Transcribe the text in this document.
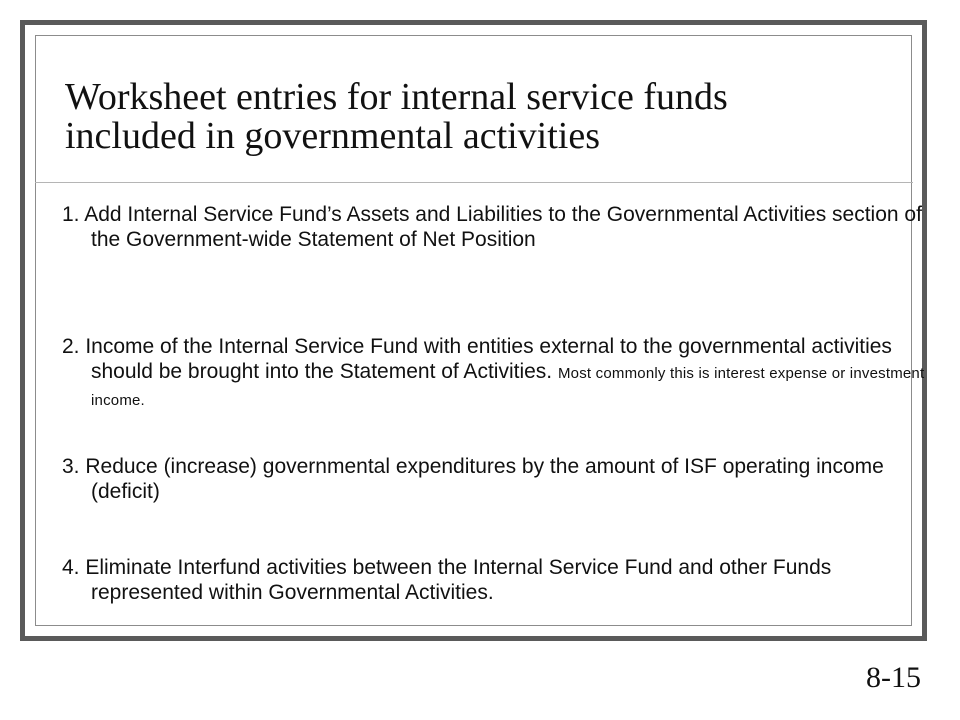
Worksheet entries for internal service funds
included in governmental activities

1. Add Internal Service Fund’s Assets and Liabilities to the Governmental Activities section of the Government-wide Statement of Net Position

2. Income of the Internal Service Fund with entities external to the governmental activities should be brought into the Statement of Activities. Most commonly this is interest expense or investment income.

3. Reduce (increase) governmental expenditures by the amount of ISF operating income (deficit)

4. Eliminate Interfund activities between the Internal Service Fund and other Funds represented within Governmental Activities.

8-15
